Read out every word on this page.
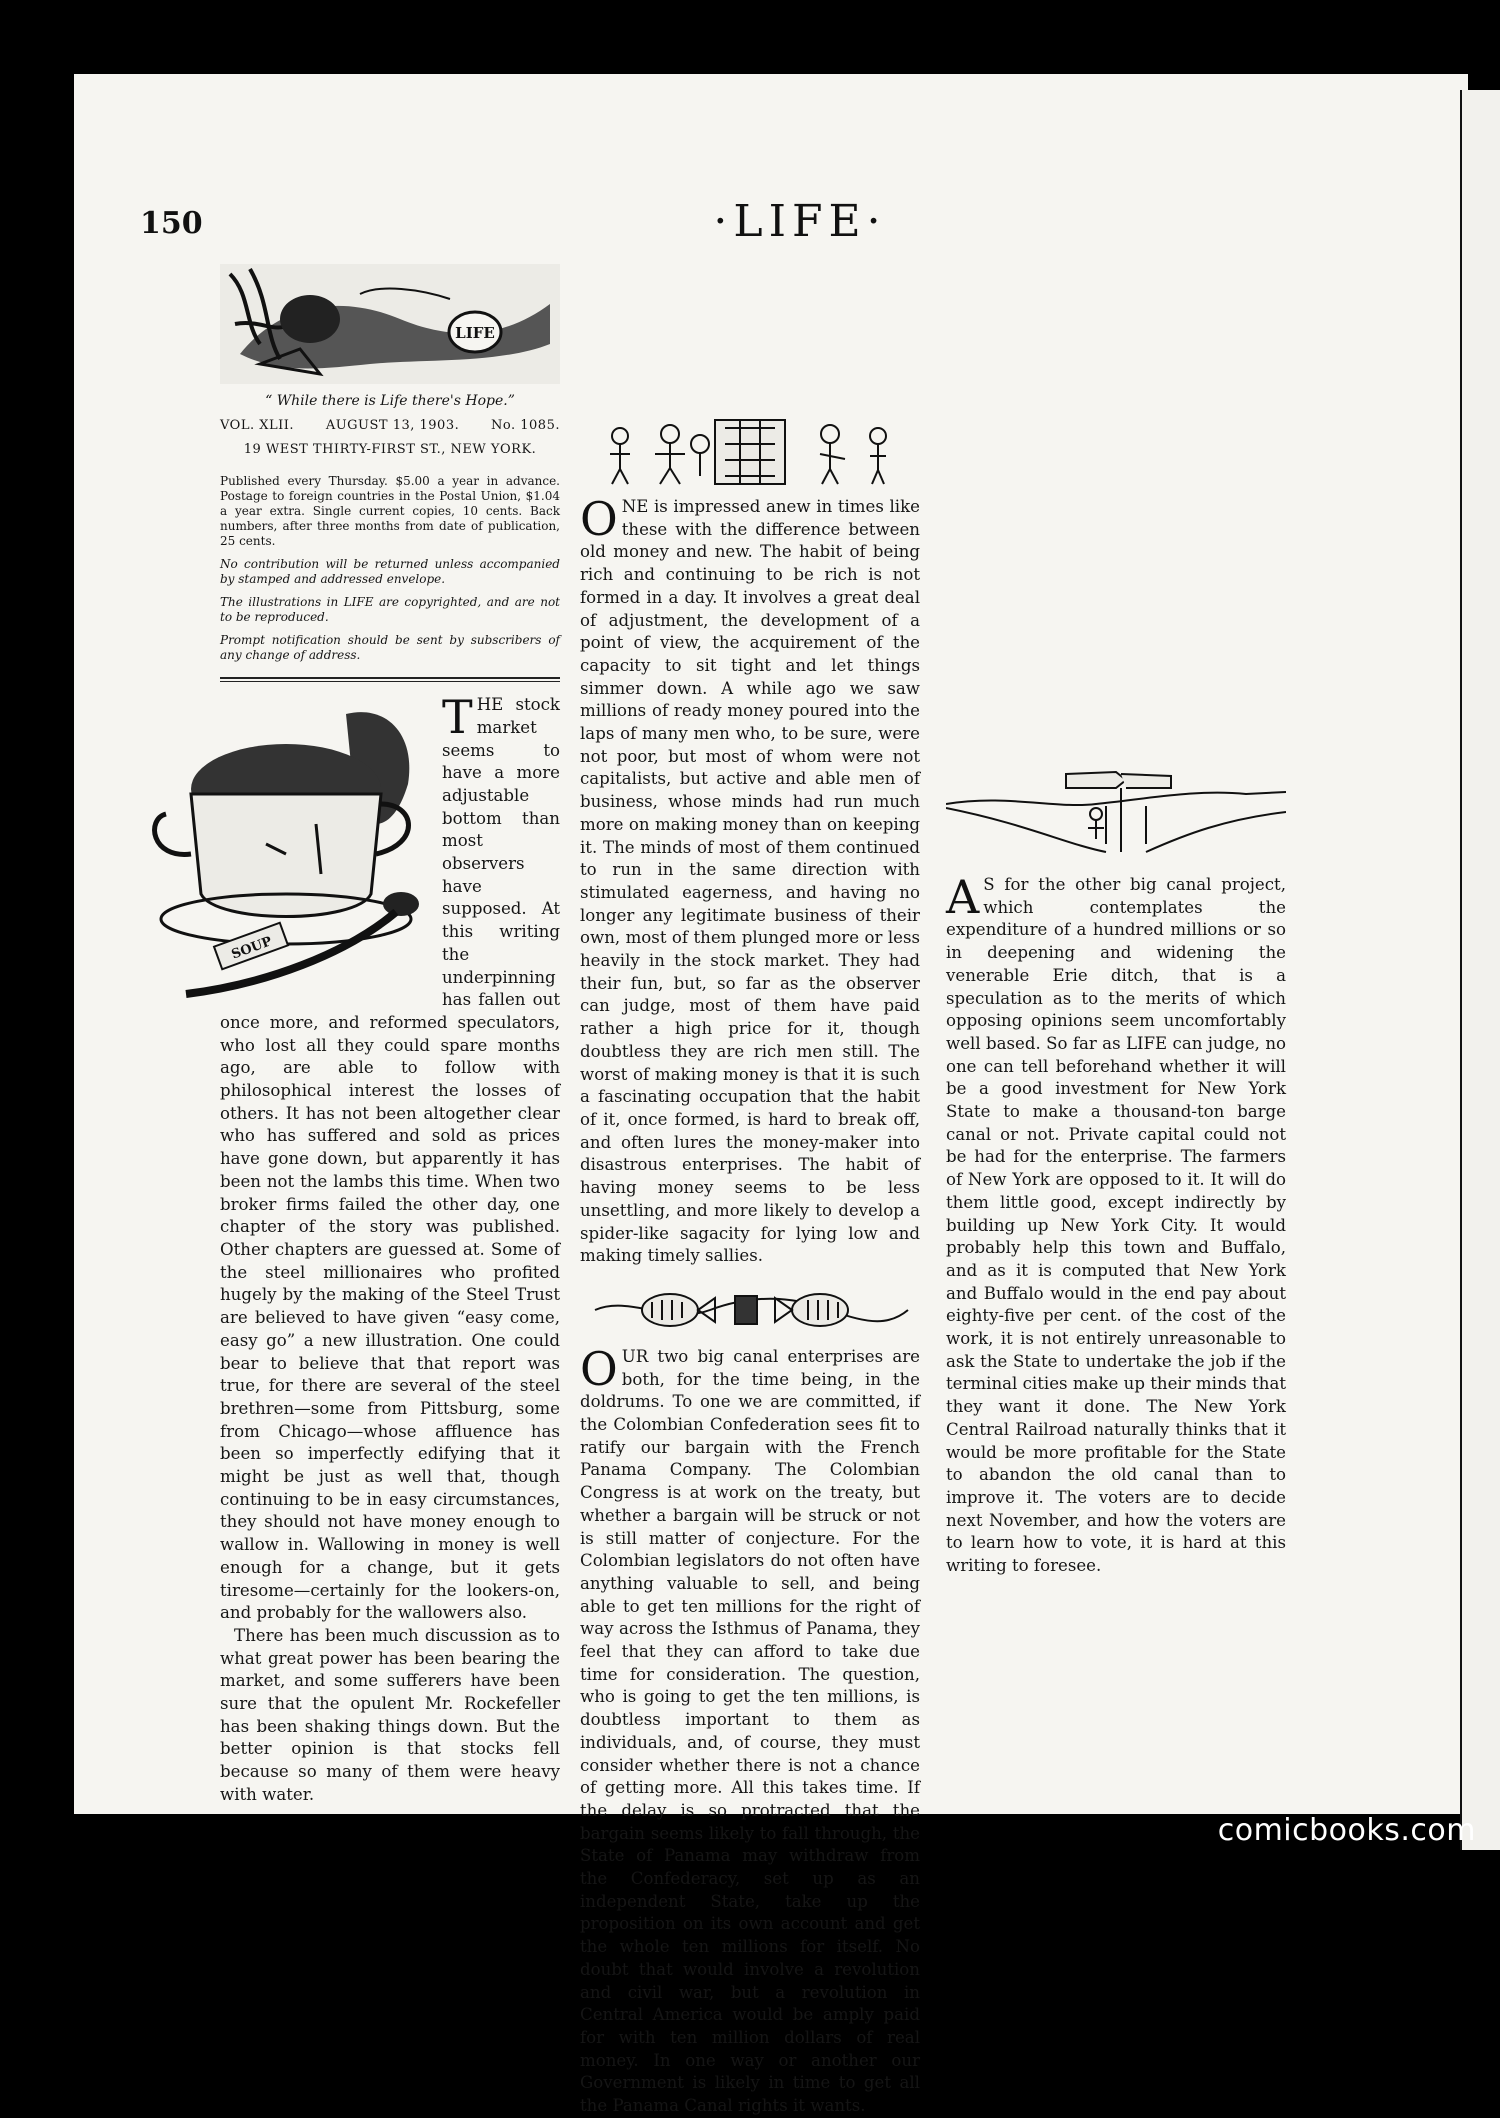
150	·LIFE·
LIFE
“ While there is Life there's Hope.”
VOL. XLII. AUGUST 13, 1903. No. 1085.
19 WEST THIRTY-FIRST ST., NEW YORK.
Published every Thursday. $5.00 a year in advance. Postage to foreign countries in the Postal Union, $1.04 a year extra. Single current copies, 10 cents. Back numbers, after three months from date of publication, 25 cents.
No contribution will be returned unless accompanied by stamped and addressed envelope.
The illustrations in LIFE are copyrighted, and are not to be reproduced.
Prompt notification should be sent by subscribers of any change of address.
SOUP

THE stock market seems to have a more adjustable bottom than most observers have supposed. At this writing the underpinning has fallen out once more, and reformed speculators, who lost all they could spare months ago, are able to follow with philosophical interest the losses of others. It has not been altogether clear who has suffered and sold as prices have gone down, but apparently it has been not the lambs this time. When two broker firms failed the other day, one chapter of the story was published. Other chapters are guessed at. Some of the steel millionaires who profited hugely by the making of the Steel Trust are believed to have given “easy come, easy go” a new illustration. One could bear to believe that that report was true, for there are several of the steel brethren—some from Pittsburg, some from Chicago—whose affluence has been so imperfectly edifying that it might be just as well that, though continuing to be in easy circumstances, they should not have money enough to wallow in. Wallowing in money is well enough for a change, but it gets tiresome—certainly for the lookers-on, and probably for the wallowers also.

There has been much discussion as to what great power has been bearing the market, and some sufferers have been sure that the opulent Mr. Rockefeller has been shaking things down. But the better opinion is that stocks fell because so many of them were heavy with water.

ONE is impressed anew in times like these with the difference between old money and new. The habit of being rich and continuing to be rich is not formed in a day. It involves a great deal of adjustment, the development of a point of view, the acquirement of the capacity to sit tight and let things simmer down. A while ago we saw millions of ready money poured into the laps of many men who, to be sure, were not poor, but most of whom were not capitalists, but active and able men of business, whose minds had run much more on making money than on keeping it. The minds of most of them continued to run in the same direction with stimulated eagerness, and having no longer any legitimate business of their own, most of them plunged more or less heavily in the stock market. They had their fun, but, so far as the observer can judge, most of them have paid rather a high price for it, though doubtless they are rich men still. The worst of making money is that it is such a fascinating occupation that the habit of it, once formed, is hard to break off, and often lures the money-maker into disastrous enterprises. The habit of having money seems to be less unsettling, and more likely to develop a spider-like sagacity for lying low and making timely sallies.

OUR two big canal enterprises are both, for the time being, in the doldrums. To one we are committed, if the Colombian Confederation sees fit to ratify our bargain with the French Panama Company. The Colombian Congress is at work on the treaty, but whether a bargain will be struck or not is still matter of conjecture. For the Colombian legislators do not often have anything valuable to sell, and being able to get ten millions for the right of way across the Isthmus of Panama, they feel that they can afford to take due time for consideration. The question, who is going to get the ten millions, is doubtless important to them as individuals, and, of course, they must consider whether there is not a chance of getting more. All this takes time. If the delay is so protracted that the bargain seems likely to fall through, the State of Panama may withdraw from the Confederacy, set up as an independent State, take up the proposition on its own account and get the whole ten millions for itself. No doubt that would involve a revolution and civil war, but a revolution in Central America would be amply paid for with ten million dollars of real money. In one way or another our Government is likely in time to get all the Panama Canal rights it wants.

A S for the other big canal project, which contemplates the expenditure of a hundred millions or so in deepening and widening the venerable Erie ditch, that is a speculation as to the merits of which opposing opinions seem uncomfortably well based. So far as LIFE can judge, no one can tell beforehand whether it will be a good investment for New York State to make a thousand-ton barge canal or not. Private capital could not be had for the enterprise. The farmers of New York are opposed to it. It will do them little good, except indirectly by building up New York City. It would probably help this town and Buffalo, and as it is computed that New York and Buffalo would in the end pay about eighty-five per cent. of the cost of the work, it is not entirely unreasonable to ask the State to undertake the job if the terminal cities make up their minds that they want it done. The New York Central Railroad naturally thinks that it would be more profitable for the State to abandon the old canal than to improve it. The voters are to decide next November, and how the voters are to learn how to vote, it is hard at this writing to foresee.

comicbooks.com
